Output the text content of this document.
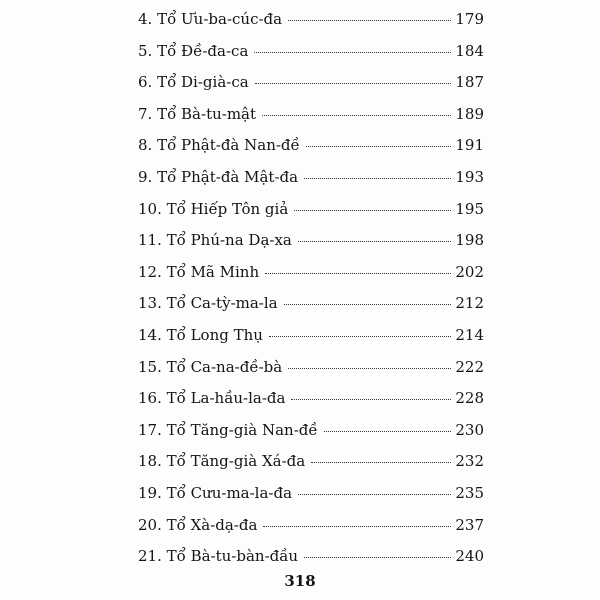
4. Tổ Ưu-ba-cúc-đa	179
5. Tổ Đề-đa-ca	184
6. Tổ Di-già-ca	187
7. Tổ Bà-tu-mật	189
8. Tổ Phật-đà Nan-đề	191
9. Tổ Phật-đà Mật-đa	193
10. Tổ Hiếp Tôn giả	195
11. Tổ Phú-na Dạ-xa	198
12. Tổ Mã Minh	202
13. Tổ Ca-tỳ-ma-la	212
14. Tổ Long Thụ	214
15. Tổ Ca-na-đề-bà	222
16. Tổ La-hầu-la-đa	228
17. Tổ Tăng-già Nan-đề	230
18. Tổ Tăng-già Xá-đa	232
19. Tổ Cưu-ma-la-đa	235
20. Tổ Xà-dạ-đa	237
21. Tổ Bà-tu-bàn-đầu	240
318
